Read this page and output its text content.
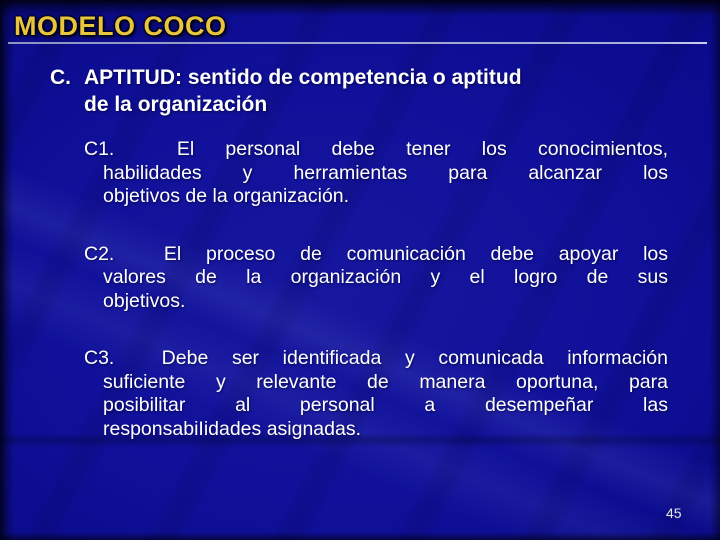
MODELO COCO
C. APTITUD: sentido de competencia o aptitud
de la organización

C1.	El personal debe tener los conocimientos,
habilidades y herramientas para alcanzar los
objetivos de la organización.

C2.	El proceso de comunicación debe apoyar los
valores de la organización y el logro de sus
objetivos.

C3. Debe ser identificada y comunicada información
suficiente y relevante de manera oportuna, para
posibilitar al personal a desempeñar las
responsabiIidades asignadas.

45
